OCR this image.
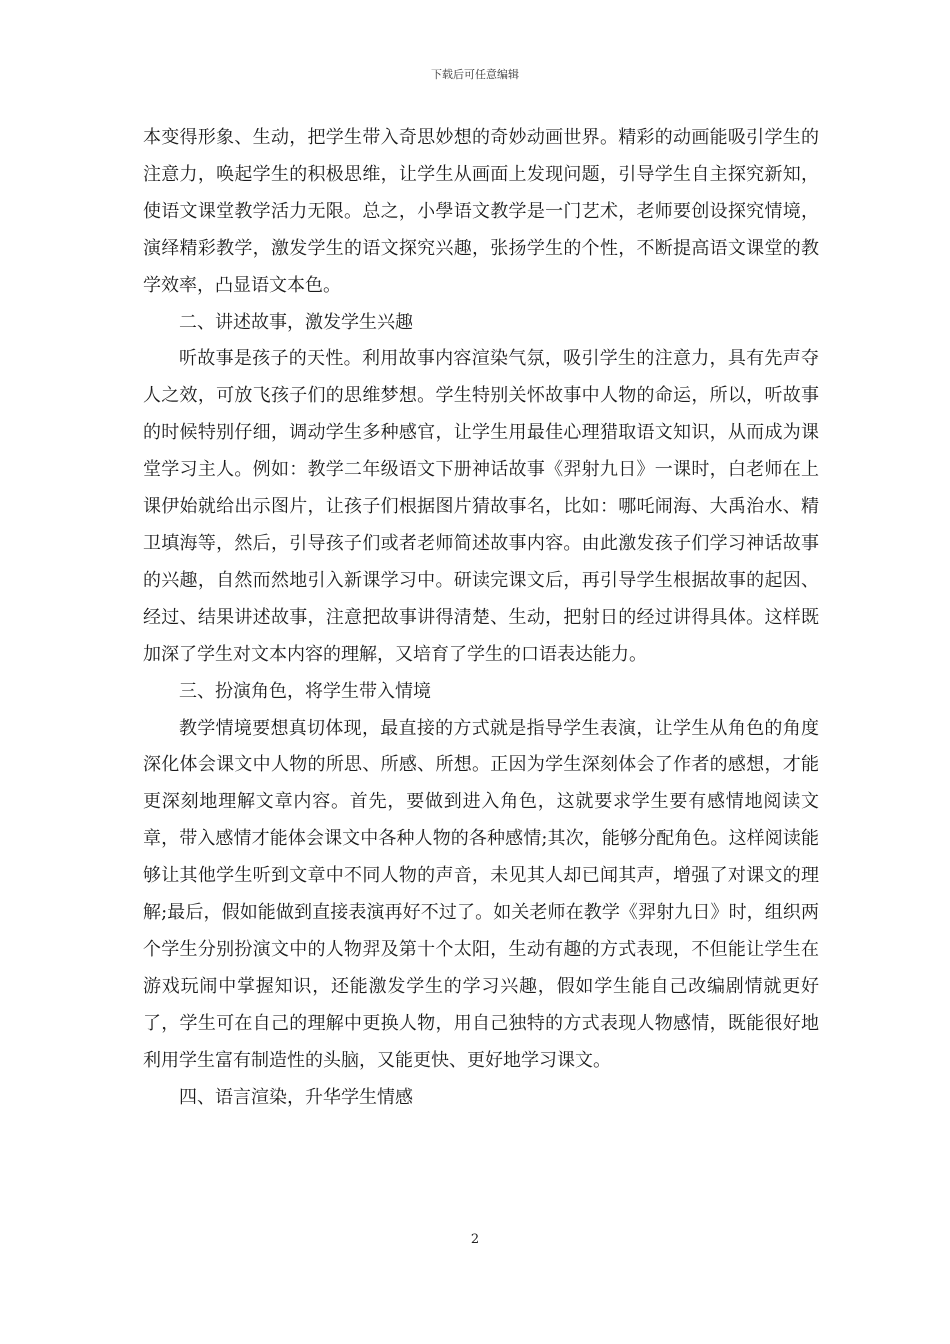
下载后可任意编辑

本变得形象、生动，把学生带入奇思妙想的奇妙动画世界。精彩的动画能吸引学生的注意力，唤起学生的积极思维，让学生从画面上发现问题，引导学生自主探究新知，使语文课堂教学活力无限。总之，小學语文教学是一门艺术，老师要创设探究情境，演绎精彩教学，激发学生的语文探究兴趣，张扬学生的个性，不断提高语文课堂的教学效率，凸显语文本色。

二、讲述故事，激发学生兴趣

听故事是孩子的天性。利用故事内容渲染气氛，吸引学生的注意力，具有先声夺人之效，可放飞孩子们的思维梦想。学生特别关怀故事中人物的命运，所以，听故事的时候特别仔细，调动学生多种感官，让学生用最佳心理猎取语文知识，从而成为课堂学习主人。例如：教学二年级语文下册神话故事《羿射九日》一课时，白老师在上课伊始就给出示图片，让孩子们根据图片猜故事名，比如：哪吒闹海、大禹治水、精卫填海等，然后，引导孩子们或者老师简述故事内容。由此激发孩子们学习神话故事的兴趣，自然而然地引入新课学习中。研读完课文后，再引导学生根据故事的起因、经过、结果讲述故事，注意把故事讲得清楚、生动，把射日的经过讲得具体。这样既加深了学生对文本内容的理解，又培育了学生的口语表达能力。

三、扮演角色，将学生带入情境

教学情境要想真切体现，最直接的方式就是指导学生表演，让学生从角色的角度深化体会课文中人物的所思、所感、所想。正因为学生深刻体会了作者的感想，才能更深刻地理解文章内容。首先，要做到进入角色，这就要求学生要有感情地阅读文章，带入感情才能体会课文中各种人物的各种感情;其次，能够分配角色。这样阅读能够让其他学生听到文章中不同人物的声音，未见其人却已闻其声，增强了对课文的理解;最后，假如能做到直接表演再好不过了。如关老师在教学《羿射九日》时，组织两个学生分别扮演文中的人物羿及第十个太阳，生动有趣的方式表现，不但能让学生在游戏玩闹中掌握知识，还能激发学生的学习兴趣，假如学生能自己改编剧情就更好了，学生可在自己的理解中更换人物，用自己独特的方式表现人物感情，既能很好地利用学生富有制造性的头脑，又能更快、更好地学习课文。

四、语言渲染，升华学生情感

2
